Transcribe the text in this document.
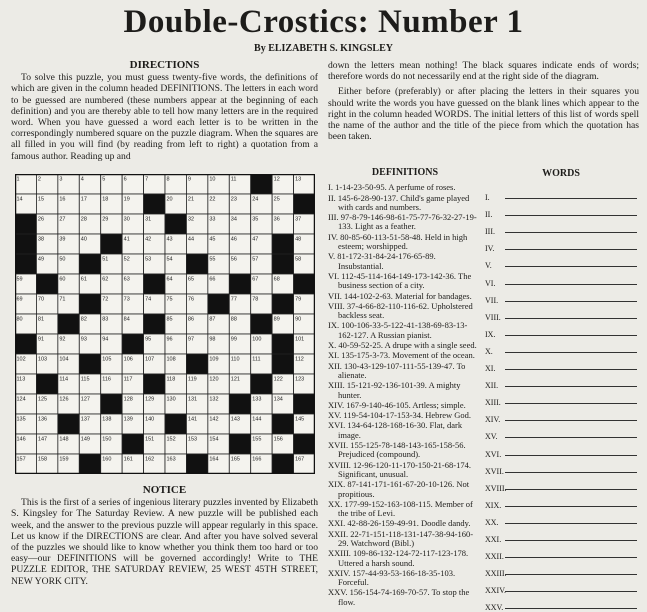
Double-Crostics: Number 1
By ELIZABETH S. KINGSLEY
DIRECTIONS

To solve this puzzle, you must guess twenty-five words, the definitions of which are given in the column headed DEFINITIONS. The letters in each word to be guessed are numbered (these numbers appear at the beginning of each definition) and you are thereby able to tell how many letters are in the required word. When you have guessed a word each letter is to be written in the correspondingly numbered square on the puzzle diagram. When the squares are all filled in you will find (by reading from left to right) a quotation from a famous author. Reading up and

down the letters mean nothing! The black squares indicate ends of words; therefore words do not necessarily end at the right side of the diagram.

Either before (preferably) or after placing the letters in their squares you should write the words you have guessed on the blank lines which appear to the right in the column headed WORDS. The initial letters of this list of words spell the name of the author and the title of the piece from which the quotation has been taken.

1	2	3	4	5	6	7	8	9	10	11	12	13
14	15	16	17	18	19	20	21	22	23	24	25
26	27	28	29	30	31	32	33	34	35	36	37
38	39	40	41	42	43	44	45	46	47	48
49	50	51	52	53	54	55	56	57	58
59	60	61	62	63	64	65	66	67	68
69	70	71	72	73	74	75	76	77	78	79
80	81	82	83	84	85	86	87	88	89	90
91	92	93	94	95	96	97	98	99	100	101
102 103 104	105 106 107 108	109 110 111	112
113	114 115 116 117	118 119 120 121	122 123
124 125 126 127	128 129 130 131 132	133 134
135 136	137 138 139 140	141 142 143 144	145
146 147 148 149 150	151 152 153 154	155 156
157 158 159	160 161 162 163	164 165 166	167
NOTICE

This is the first of a series of ingenious literary puzzles invented by Elizabeth S. Kingsley for The Saturday Review. A new puzzle will be published each week, and the answer to the previous puzzle will appear regularly in this space. Let us know if the DIRECTIONS are clear. And after you have solved several of the puzzles we should like to know whether you think them too hard or too easy—our DEFINITIONS will be governed accordingly! Write to THE PUZZLE EDITOR, THE SATURDAY REVIEW, 25 WEST 45TH STREET, NEW YORK CITY.

DEFINITIONS
I. 1-14-23-50-95. A perfume of roses.
II. 145-6-28-90-137. Child's game played with cards and numbers.
III. 97-8-79-146-98-61-75-77-76-32-27-19-133. Light as a feather.
IV. 80-85-60-113-51-58-48. Held in high esteem; worshipped.
V. 81-172-31-84-24-176-65-89. Insubstantial.
VI. 112-45-114-164-149-173-142-36. The business section of a city.
VII. 144-102-2-63. Material for bandages.
VIII. 37-4-66-82-110-116-62. Upholstered backless seat.
IX. 100-106-33-5-122-41-138-69-83-13-162-127. A Russian pianist.
X. 40-59-52-25. A drupe with a single seed.
XI. 135-175-3-73. Movement of the ocean.
XII. 130-43-129-107-111-55-139-47. To alienate.
XIII. 15-121-92-136-101-39. A mighty hunter.
XIV. 167-9-140-46-105. Artless; simple.
XV. 119-54-104-17-153-34. Hebrew God.
XVI. 134-64-128-168-16-30. Flat, dark image.
XVII. 155-125-78-148-143-165-158-56. Prejudiced (compound).
XVIII. 12-96-120-11-170-150-21-68-174. Significant, unusual.
XIX. 87-141-171-161-67-20-10-126. Not propitious.
XX. 177-99-152-163-108-115. Member of the tribe of Levi.
XXI. 42-88-26-159-49-91. Doodle dandy.
XXII. 22-71-151-118-131-147-38-94-160-29. Watchword (Bibl.)
XXIII. 109-86-132-124-72-117-123-178. Uttered a harsh sound.
XXIV. 157-44-93-53-166-18-35-103. Forceful.
XXV. 156-154-74-169-70-57. To stop the flow.
WORDS
I.
II.
III.
IV.
V.
VI.
VII.
VIII.
IX.
X.
XI.
XII.
XIII.
XIV.
XV.
XVI.
XVII.
XVIII.
XIX.
XX.
XXI.
XXII.
XXIII.
XXIV.
XXV.
